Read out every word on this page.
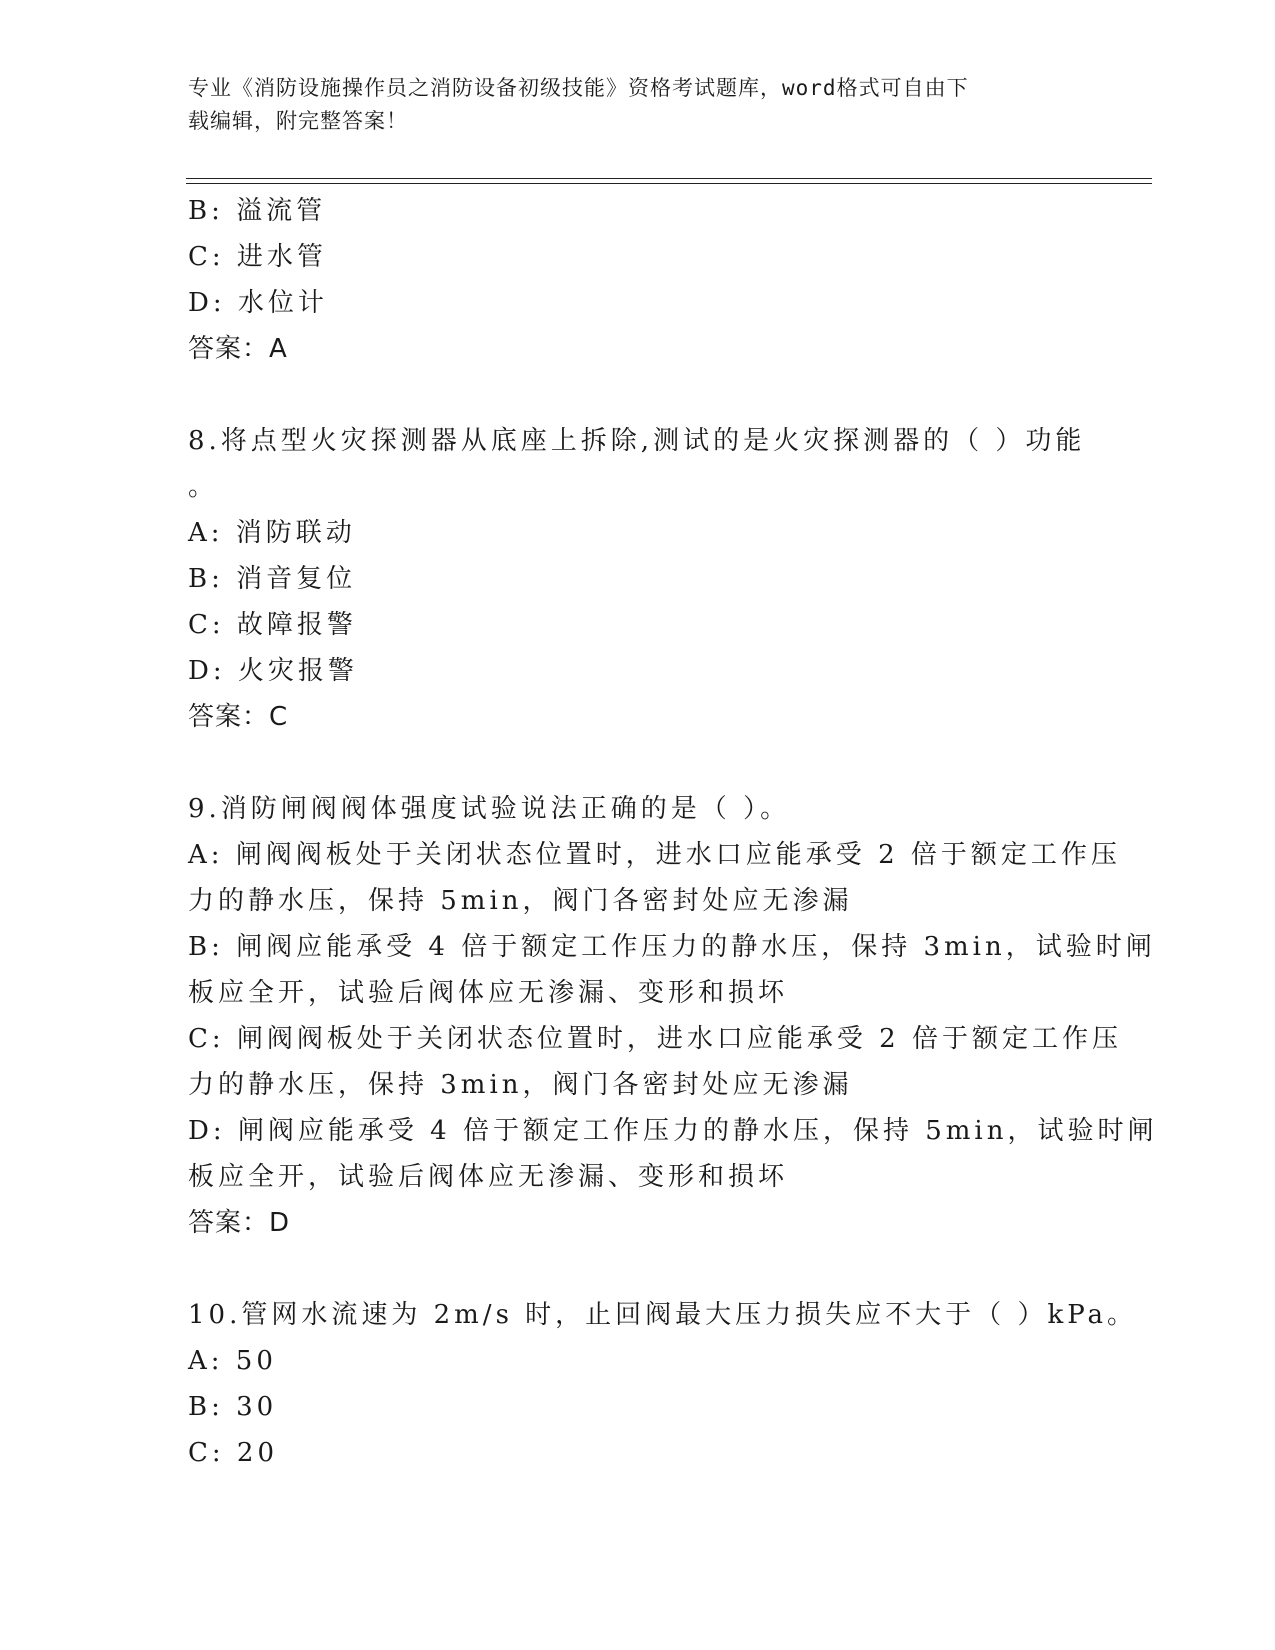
专业《消防设施操作员之消防设备初级技能》资格考试题库，word格式可自由下
载编辑，附完整答案！
B: 溢流管
C: 进水管
D: 水位计
答案：A
8.将点型火灾探测器从底座上拆除,测试的是火灾探测器的（ ）功能
。
A: 消防联动
B: 消音复位
C: 故障报警
D: 火灾报警
答案：C
9.消防闸阀阀体强度试验说法正确的是（ ）。
A: 闸阀阀板处于关闭状态位置时，进水口应能承受 2 倍于额定工作压
力的静水压，保持 5min，阀门各密封处应无渗漏
B: 闸阀应能承受 4 倍于额定工作压力的静水压，保持 3min，试验时闸
板应全开，试验后阀体应无渗漏、变形和损坏
C: 闸阀阀板处于关闭状态位置时，进水口应能承受 2 倍于额定工作压
力的静水压，保持 3min，阀门各密封处应无渗漏
D: 闸阀应能承受 4 倍于额定工作压力的静水压，保持 5min，试验时闸
板应全开，试验后阀体应无渗漏、变形和损坏
答案：D
10.管网水流速为 2m/s 时，止回阀最大压力损失应不大于（ ）kPa。
A: 50
B: 30
C: 20
